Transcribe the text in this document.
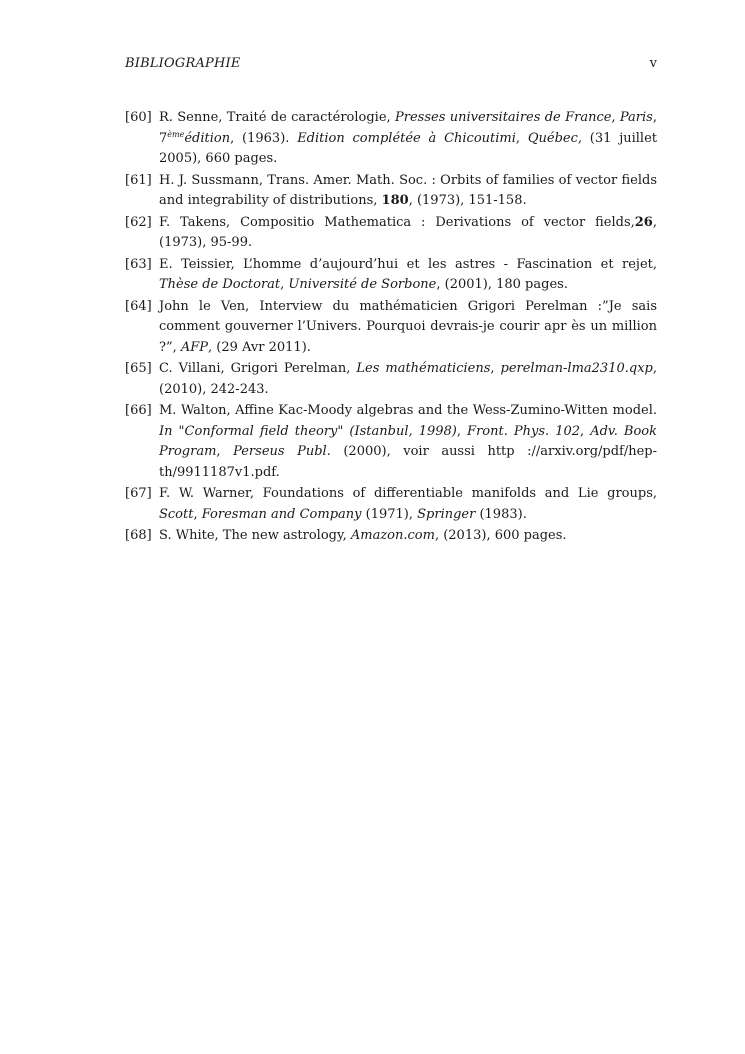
BIBLIOGRAPHIE	v
[60] R. Senne, Traité de caractérologie, Presses universitaires de France, Paris, 7èmeédition, (1963). Edition complétée à Chicoutimi, Québec, (31 juillet 2005), 660 pages.
[61] H. J. Sussmann, Trans. Amer. Math. Soc. : Orbits of families of vector fields and integrability of distributions, 180, (1973), 151-158.
[62] F. Takens, Compositio Mathematica : Derivations of vector fields,26, (1973), 95-99.
[63] E. Teissier, L’homme d’aujourd’hui et les astres - Fascination et rejet, Thèse de Doctorat, Université de Sorbone, (2001), 180 pages.
[64] John le Ven, Interview du mathématicien Grigori Perelman :”Je sais comment gouverner l’Univers. Pourquoi devrais-je courir apr ès un million ?”, AFP, (29 Avr 2011).
[65] C. Villani, Grigori Perelman, Les mathématiciens, perelman-lma2310.qxp, (2010), 242-243.
[66] M. Walton, Affine Kac-Moody algebras and the Wess-Zumino-Witten model. In "Conformal field theory" (Istanbul, 1998), Front. Phys. 102, Adv. Book Program, Perseus Publ. (2000), voir aussi http ://arxiv.org/pdf/hep-th/9911187v1.pdf.
[67] F. W. Warner, Foundations of differentiable manifolds and Lie groups, Scott, Foresman and Company (1971), Springer (1983).
[68] S. White, The new astrology, Amazon.com, (2013), 600 pages.
